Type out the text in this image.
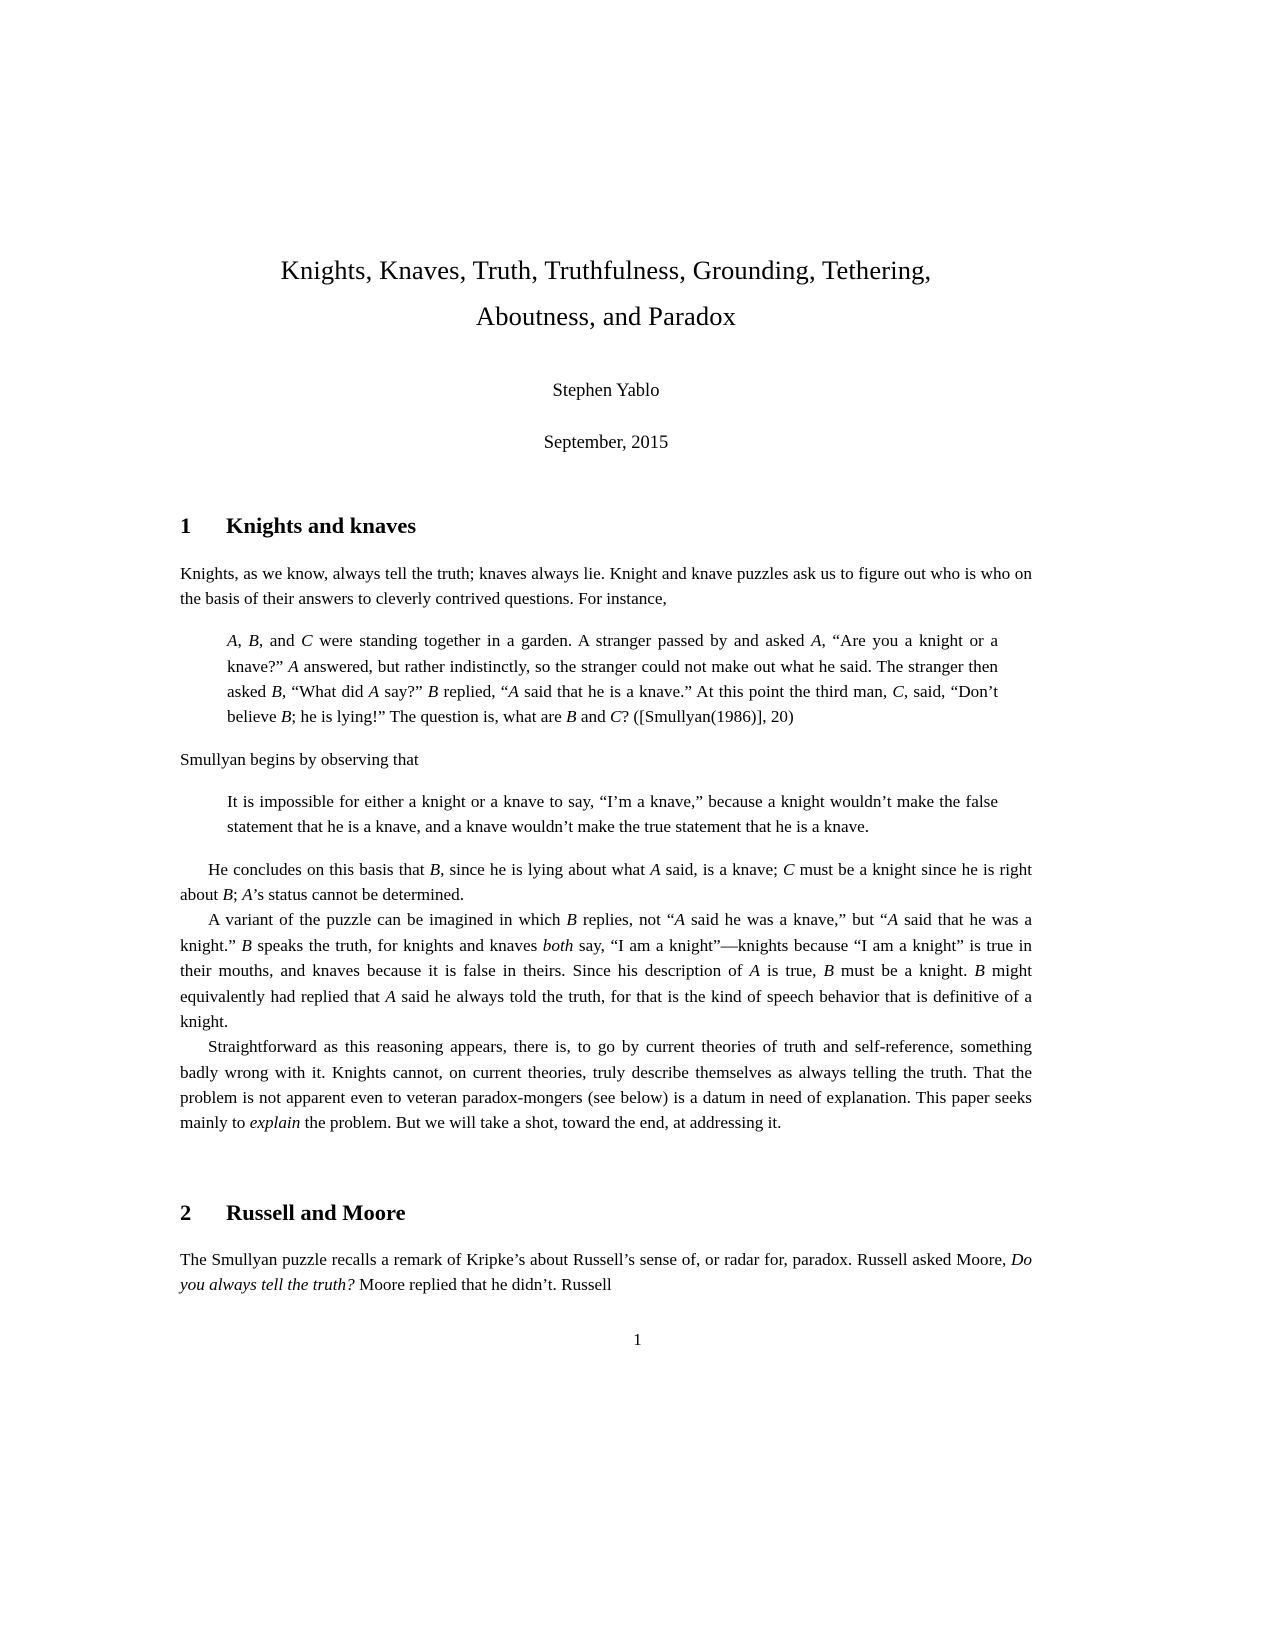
Knights, Knaves, Truth, Truthfulness, Grounding, Tethering,
Aboutness, and Paradox
Stephen Yablo
September, 2015
1 Knights and knaves

Knights, as we know, always tell the truth; knaves always lie. Knight and knave puzzles ask us to figure out who is who on the basis of their answers to cleverly contrived questions. For instance,

A, B, and C were standing together in a garden. A stranger passed by and asked A, “Are you a knight or a knave?” A answered, but rather indistinctly, so the stranger could not make out what he said. The stranger then asked B, “What did A say?” B replied, “A said that he is a knave.” At this point the third man, C, said, “Don’t believe B; he is lying!” The question is, what are B and C? ([Smullyan(1986)], 20)

Smullyan begins by observing that

It is impossible for either a knight or a knave to say, “I’m a knave,” because a knight wouldn’t make the false statement that he is a knave, and a knave wouldn’t make the true statement that he is a knave.

He concludes on this basis that B, since he is lying about what A said, is a knave; C must be a knight since he is right about B; A’s status cannot be determined.

A variant of the puzzle can be imagined in which B replies, not “A said he was a knave,” but “A said that he was a knight.” B speaks the truth, for knights and knaves both say, “I am a knight”—knights because “I am a knight” is true in their mouths, and knaves because it is false in theirs. Since his description of A is true, B must be a knight. B might equivalently had replied that A said he always told the truth, for that is the kind of speech behavior that is definitive of a knight.

Straightforward as this reasoning appears, there is, to go by current theories of truth and self-reference, something badly wrong with it. Knights cannot, on current theories, truly describe themselves as always telling the truth. That the problem is not apparent even to veteran paradox-mongers (see below) is a datum in need of explanation. This paper seeks mainly to explain the problem. But we will take a shot, toward the end, at addressing it.

2 Russell and Moore

The Smullyan puzzle recalls a remark of Kripke’s about Russell’s sense of, or radar for, paradox. Russell asked Moore, Do you always tell the truth? Moore replied that he didn’t. Russell

1
